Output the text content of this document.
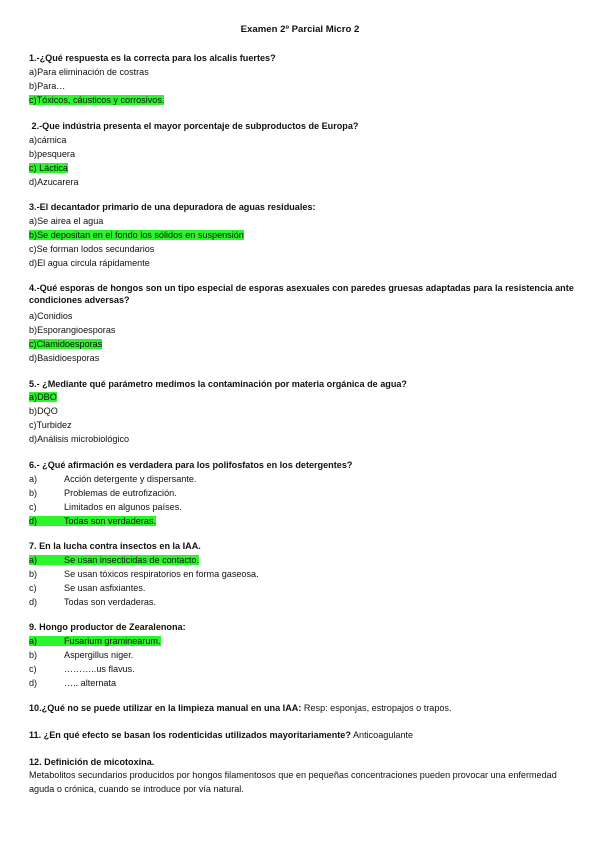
Examen 2º Parcial Micro 2
1.-¿Qué respuesta es la correcta para los alcalis fuertes?
a)Para eliminación de costras
b)Para…
c)Tóxicos, cáusticos y corrosivos.
2.-Que indústria presenta el mayor porcentaje de subproductos de Europa?
a)cárnica
b)pesquera
c) Láctica
d)Azucarera
3.-El decantador primario de una depuradora de aguas residuales:
a)Se airea el agua
b)Se depositan en el fondo los sólidos en suspensión
c)Se forman lodos secundarios
d)El agua circula rápidamente
4.-Qué esporas de hongos son un tipo especial de esporas asexuales con paredes gruesas adaptadas para la resistencia ante condiciones adversas?
a)Conidios
b)Esporangioesporas
c)Clamidoesporas
d)Basidioesporas
5.- ¿Mediante qué parámetro medimos la contaminación por materia orgánica de agua?
a)DBO
b)DQO
c)Turbidez
d)Análisis microbiológico
6.- ¿Qué afirmación es verdadera para los polifosfatos en los detergentes?
a)	Acción detergente y dispersante.
b)	Problemas de eutrofización.
c)	Limitados en algunos países.
d)	Todas son verdaderas.
7. En la lucha contra insectos en la IAA.
a)	Se usan insecticidas de contacto.
b)	Se usan tóxicos respiratorios en forma gaseosa.
c)	Se usan asfixiantes.
d)	Todas son verdaderas.
9. Hongo productor de Zearalenona:
a)	Fusarium graminearum.
b)	Aspergillus niger.
c)	………..us flavus.
d)	….. alternata
10.¿Qué no se puede utilizar en la limpieza manual en una IAA: Resp: esponjas, estropajos o trapos.
11. ¿En qué efecto se basan los rodenticidas utilizados mayoritariamente? Anticoagulante
12. Definición de micotoxina.
Metabolitos secundarios producidos por hongos filamentosos que en pequeñas concentraciones pueden provocar una enfermedad aguda o crónica, cuando se introduce por vía natural.
